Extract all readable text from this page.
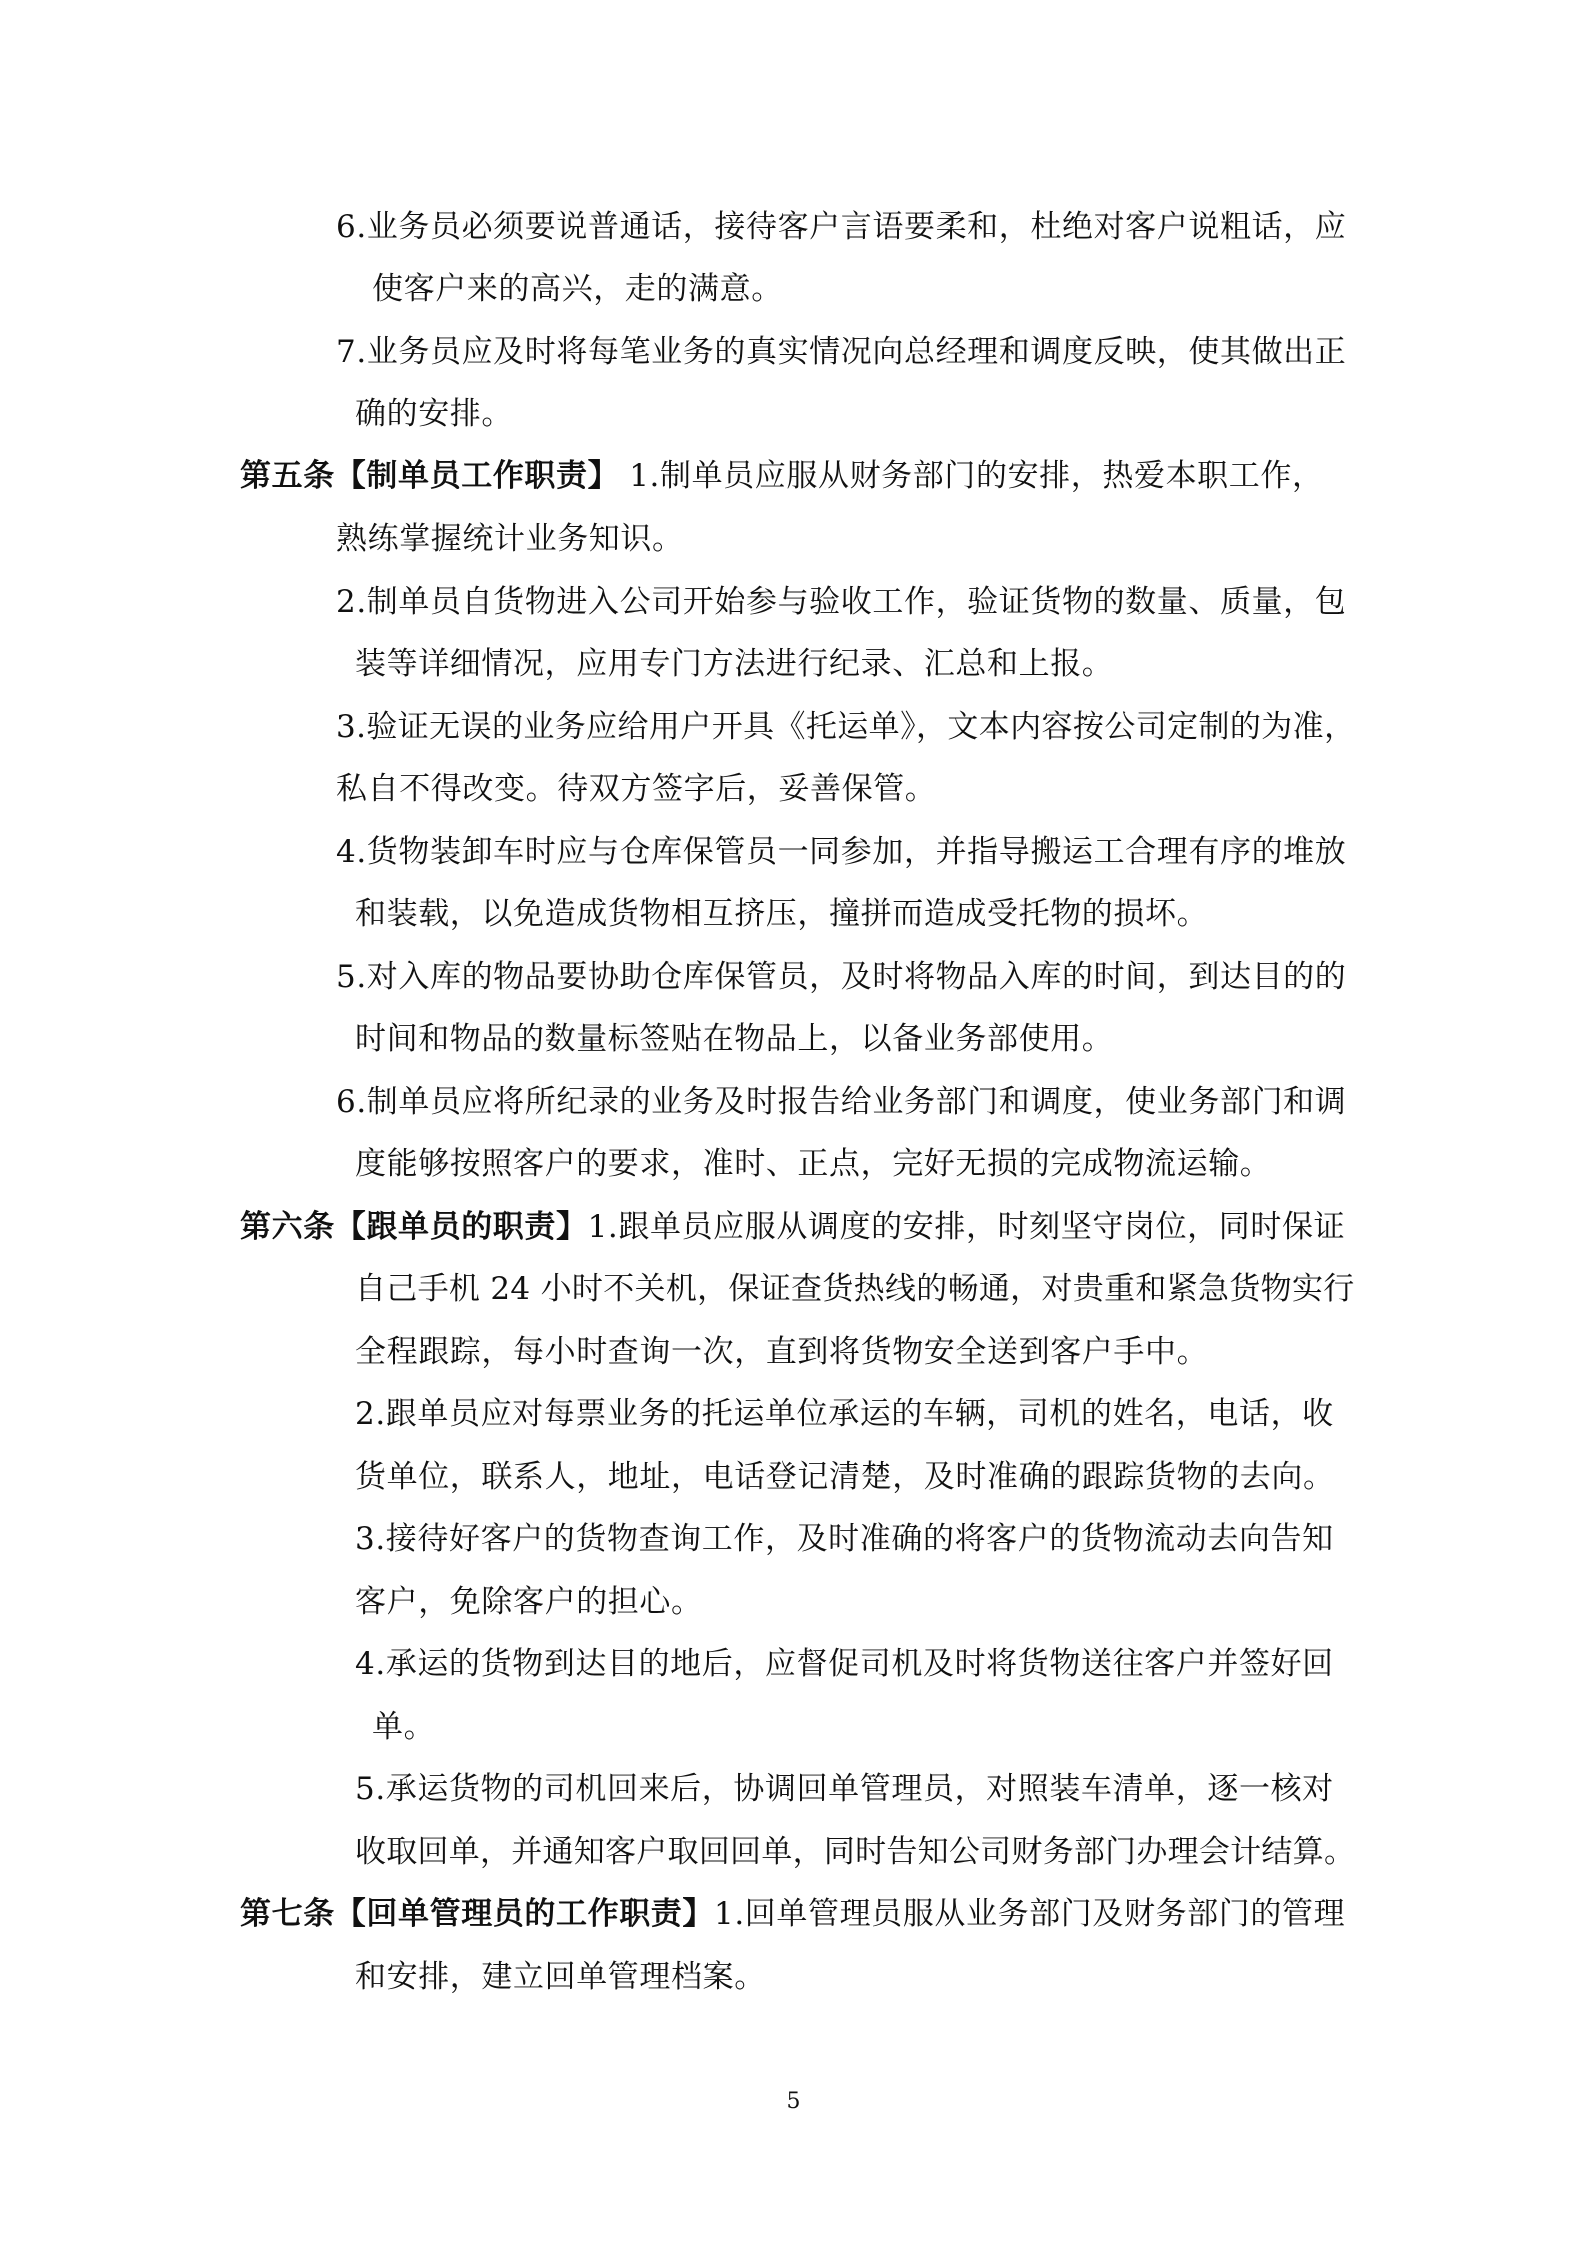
6.业务员必须要说普通话，接待客户言语要柔和，杜绝对客户说粗话，应
使客户来的高兴，走的满意。
7.业务员应及时将每笔业务的真实情况向总经理和调度反映，使其做出正
确的安排。
第五条【制单员工作职责】 1.制单员应服从财务部门的安排，热爱本职工作，
熟练掌握统计业务知识。
2.制单员自货物进入公司开始参与验收工作，验证货物的数量、质量，包
装等详细情况，应用专门方法进行纪录、汇总和上报。
3.验证无误的业务应给用户开具《托运单》，文本内容按公司定制的为准，
私自不得改变。待双方签字后，妥善保管。
4.货物装卸车时应与仓库保管员一同参加，并指导搬运工合理有序的堆放
和装载，以免造成货物相互挤压，撞拼而造成受托物的损坏。
5.对入库的物品要协助仓库保管员，及时将物品入库的时间，到达目的的
时间和物品的数量标签贴在物品上，以备业务部使用。
6.制单员应将所纪录的业务及时报告给业务部门和调度，使业务部门和调
度能够按照客户的要求，准时、正点，完好无损的完成物流运输。
第六条【跟单员的职责】1.跟单员应服从调度的安排，时刻坚守岗位，同时保证
自己手机 24 小时不关机，保证查货热线的畅通，对贵重和紧急货物实行
全程跟踪，每小时查询一次，直到将货物安全送到客户手中。
2.跟单员应对每票业务的托运单位承运的车辆，司机的姓名，电话，收
货单位，联系人，地址，电话登记清楚，及时准确的跟踪货物的去向。
3.接待好客户的货物查询工作，及时准确的将客户的货物流动去向告知
客户，免除客户的担心。
4.承运的货物到达目的地后，应督促司机及时将货物送往客户并签好回
单。
5.承运货物的司机回来后，协调回单管理员，对照装车清单，逐一核对
收取回单，并通知客户取回回单，同时告知公司财务部门办理会计结算。
第七条【回单管理员的工作职责】1.回单管理员服从业务部门及财务部门的管理
和安排，建立回单管理档案。
5
